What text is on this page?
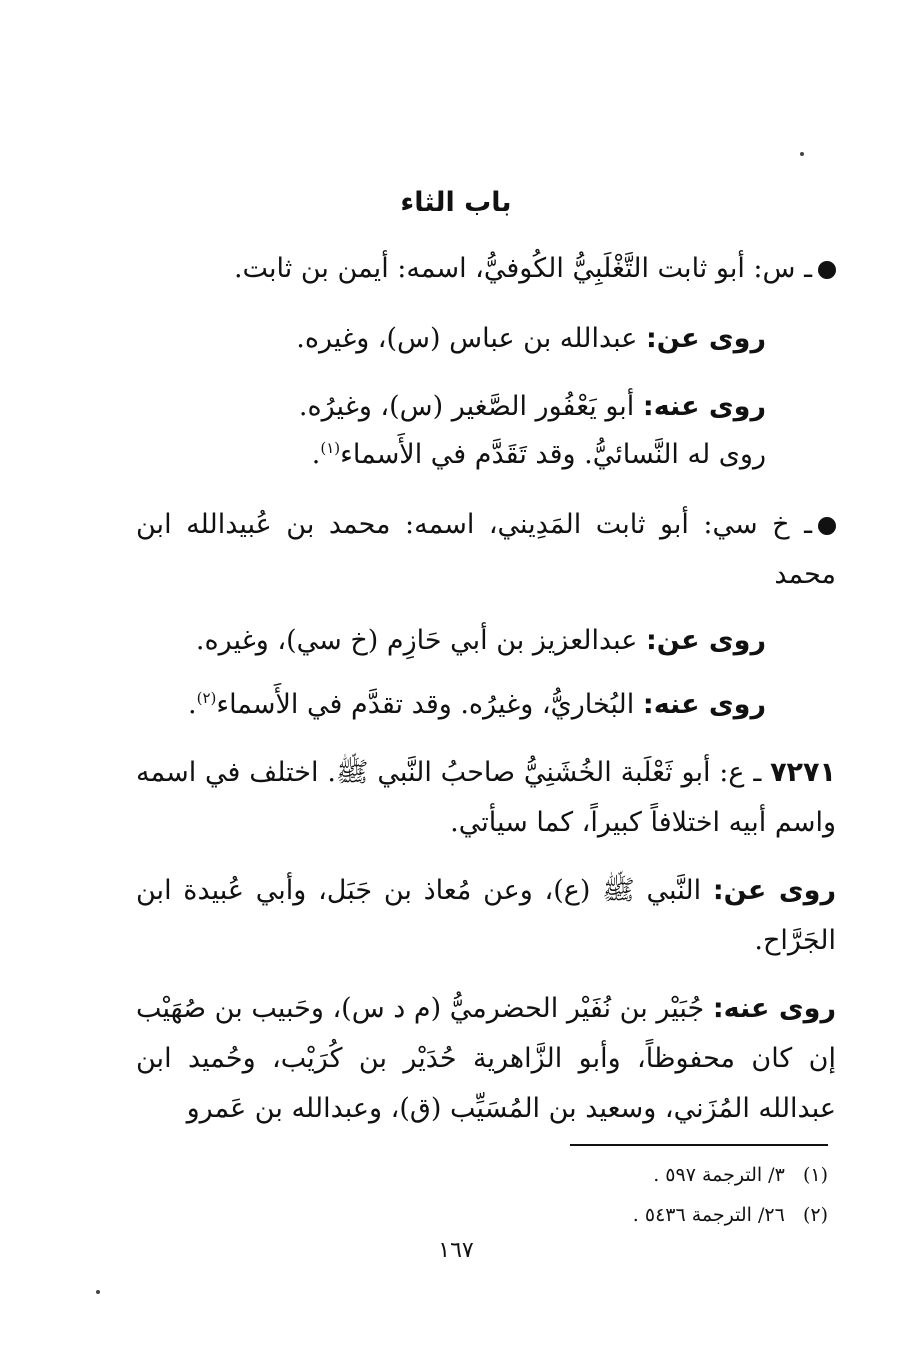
باب الثاء
ـ س: أبو ثابت التَّغْلَبِيُّ الكُوفيُّ، اسمه: أيمن بن ثابت.
روى عن: عبدالله بن عباس (س)، وغيره.
روى عنه: أبو يَعْفُور الصَّغير (س)، وغيرُه.
روى له النَّسائيُّ. وقد تَقَدَّم في الأَسماء$^{(١)}$.
ـ خ سي: أبو ثابت المَدِيني، اسمه: محمد بن عُبيدالله ابن محمد
روى عن: عبدالعزيز بن أبي حَازِم (خ سي)، وغيره.
روى عنه: البُخاريُّ، وغيرُه. وقد تقدَّم في الأَسماء$^{(٢)}$.
٧٢٧١ ـ ع: أبو ثَعْلَبة الخُشَنِيُّ صاحبُ النَّبي ﷺ. اختلف في اسمه واسم أبيه اختلافاً كبيراً، كما سيأتي.
روى عن: النَّبي ﷺ (ع)، وعن مُعاذ بن جَبَل، وأبي عُبيدة ابن الجَرَّاح.
روى عنه: جُبَيْر بن نُفَيْر الحضرميُّ (م د س)، وحَبيب بن صُهَيْب إن كان محفوظاً، وأبو الزَّاهرية حُدَيْر بن كُرَيْب، وحُميد ابن عبدالله المُزَني، وسعيد بن المُسَيِّب (ق)، وعبدالله بن عَمرو
(١)   ٣/ الترجمة ٥٩٧ .
(٢)   ٢٦/ الترجمة ٥٤٣٦ .
١٦٧
